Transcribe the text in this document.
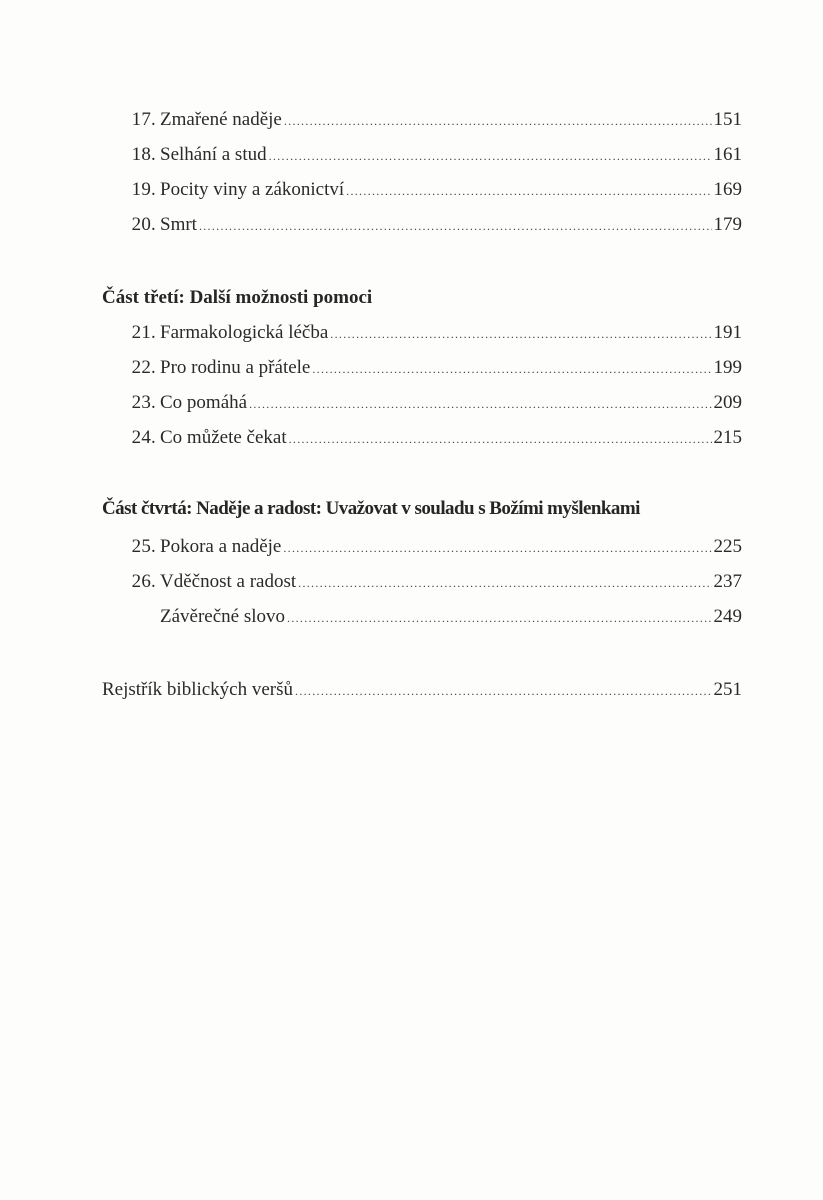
17. Zmařené naděje .....	151
18. Selhání a stud .....	161
19. Pocity viny a zákonictví .....	169
20. Smrt .....	179
Část třetí: Další možnosti pomoci
21. Farmakologická léčba .....	191
22. Pro rodinu a přátele .....	199
23. Co pomáhá .....	209
24. Co můžete čekat .....	215
Část čtvrtá: Naděje a radost: Uvažovat v souladu s Božími myšlenkami
25. Pokora a naděje .....	225
26. Vděčnost a radost .....	237
Závěrečné slovo .....	249
Rejstřík biblických veršů .....	251
